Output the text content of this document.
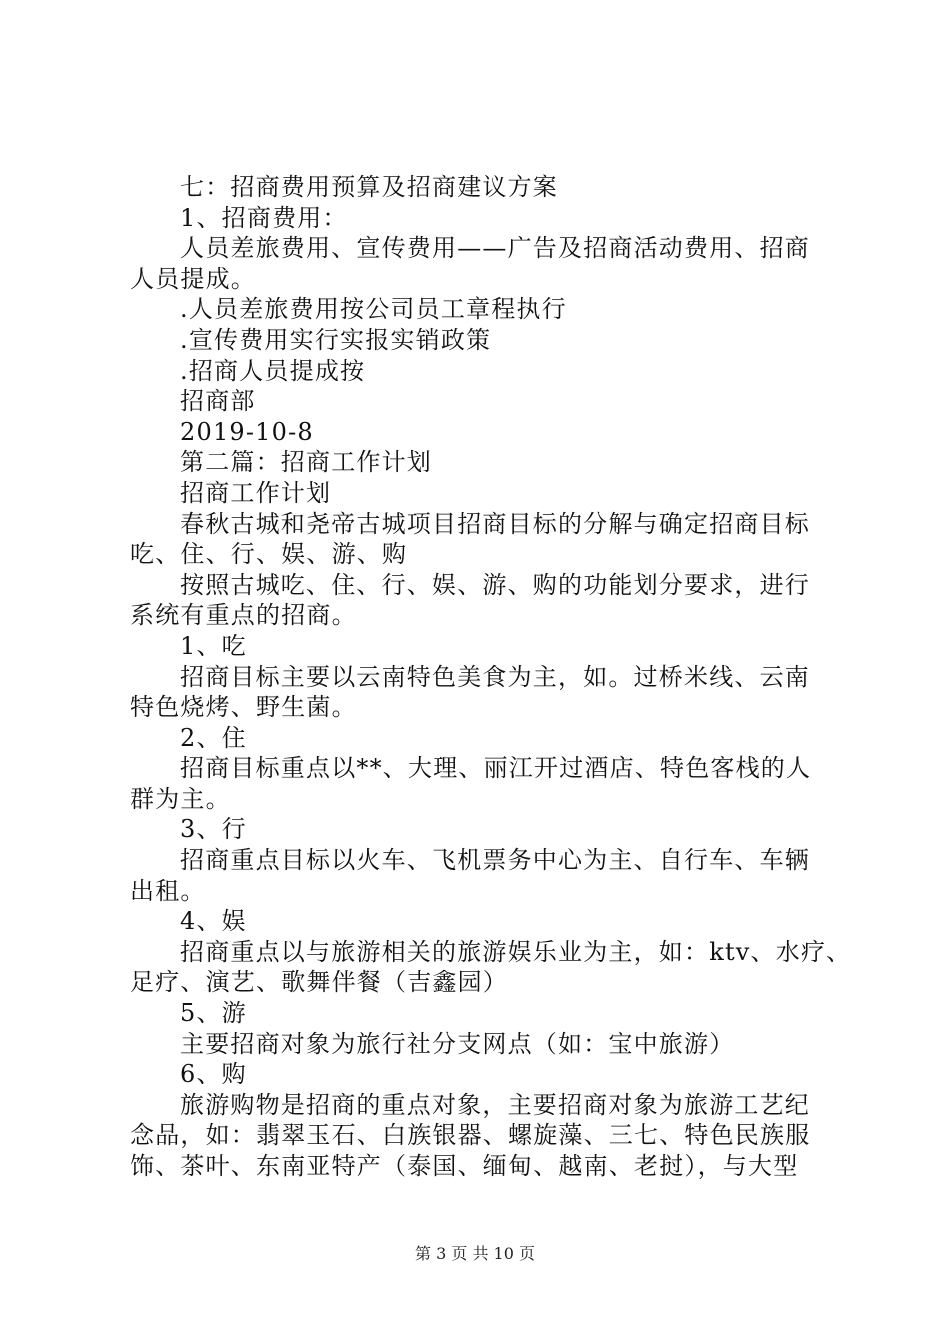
七：招商费用预算及招商建议方案
1、招商费用：
人员差旅费用、宣传费用——广告及招商活动费用、招商
人员提成。
.人员差旅费用按公司员工章程执行
.宣传费用实行实报实销政策
.招商人员提成按
招商部
2019-10-8
第二篇：招商工作计划
招商工作计划
春秋古城和尧帝古城项目招商目标的分解与确定招商目标
吃、住、行、娱、游、购
按照古城吃、住、行、娱、游、购的功能划分要求，进行
系统有重点的招商。
1、吃
招商目标主要以云南特色美食为主，如。过桥米线、云南
特色烧烤、野生菌。
2、住
招商目标重点以**、大理、丽江开过酒店、特色客栈的人
群为主。
3、行
招商重点目标以火车、飞机票务中心为主、自行车、车辆
出租。
4、娱
招商重点以与旅游相关的旅游娱乐业为主，如：ktv、水疗、
足疗、演艺、歌舞伴餐（吉鑫园）
5、游
主要招商对象为旅行社分支网点（如：宝中旅游）
6、购
旅游购物是招商的重点对象，主要招商对象为旅游工艺纪
念品，如：翡翠玉石、白族银器、螺旋藻、三七、特色民族服
饰、茶叶、东南亚特产（泰国、缅甸、越南、老挝），与大型
第 3 页 共 10 页
